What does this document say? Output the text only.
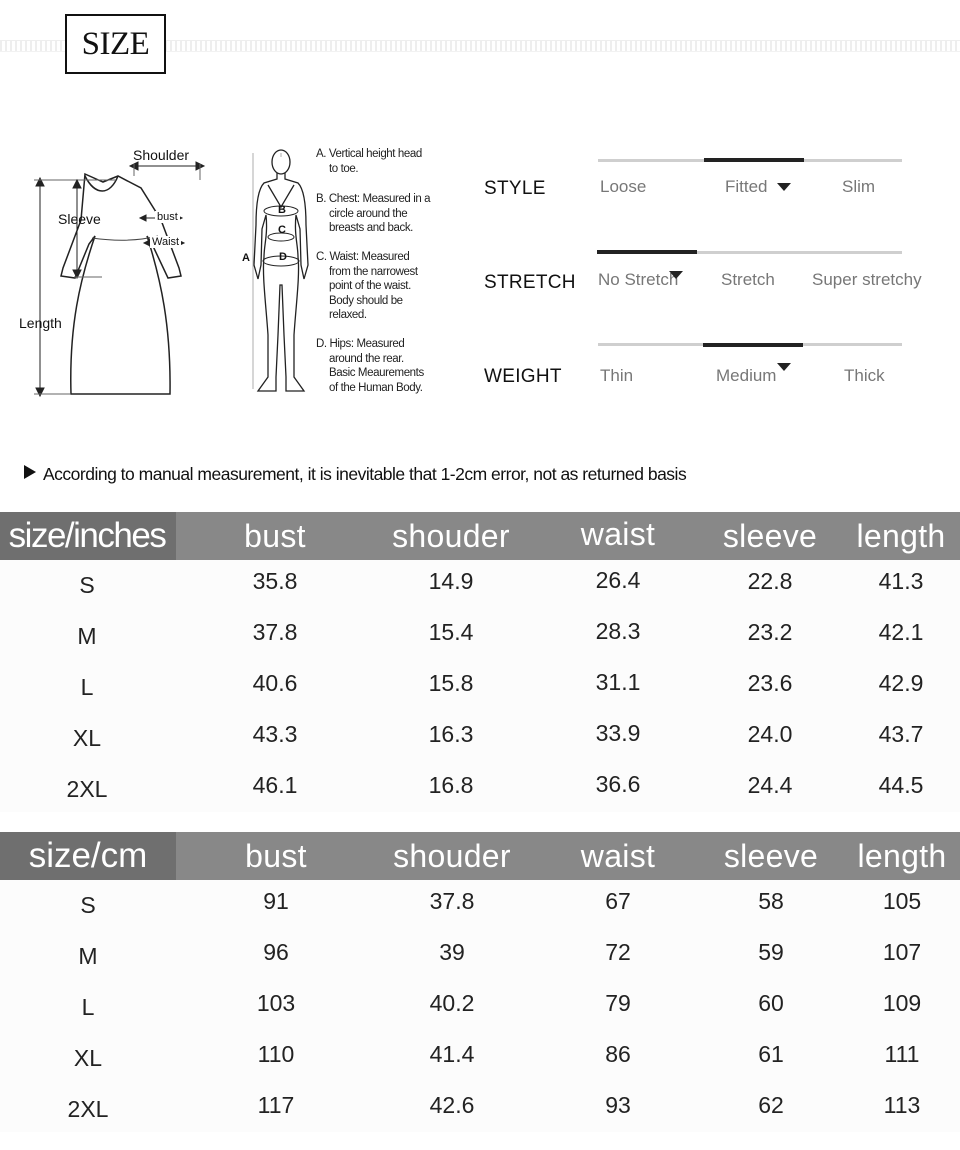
SIZE
Shoulder
Sleeve
Length
bust
Waist
A
B
C
D
A. Vertical height head
to toe.
B. Chest: Measured in a
circle around the
breasts and back.
C. Waist: Measured
from the narrowest
point of the waist.
Body should be
relaxed.
D. Hips: Measured
around the rear.
Basic Meaurements
of the Human Body.
STYLE	Loose	Fitted	Slim
STRETCH No Stretch	Stretch Super stretchy
WEIGHT Thin	Medium	Thick
According to manual measurement, it is inevitable that 1-2cm error, not as returned basis
size/inches bust	shouder waist sleeve length
S	35.8	14.9	26.4	22.8	41.3
M	37.8	15.4	28.3	23.2	42.1
L	40.6	15.8	31.1	23.6	42.9
XL	43.3	16.3	33.9	24.0	43.7
2XL	46.1	16.8	36.6	24.4	44.5
size/cm	bust	shouder waist sleeve length
S	91	37.8	67	58	105
M	96	39	72	59	107
L	103	40.2	79	60	109
XL	110	41.4	86	61	111
2XL	117	42.6	93	62	113
